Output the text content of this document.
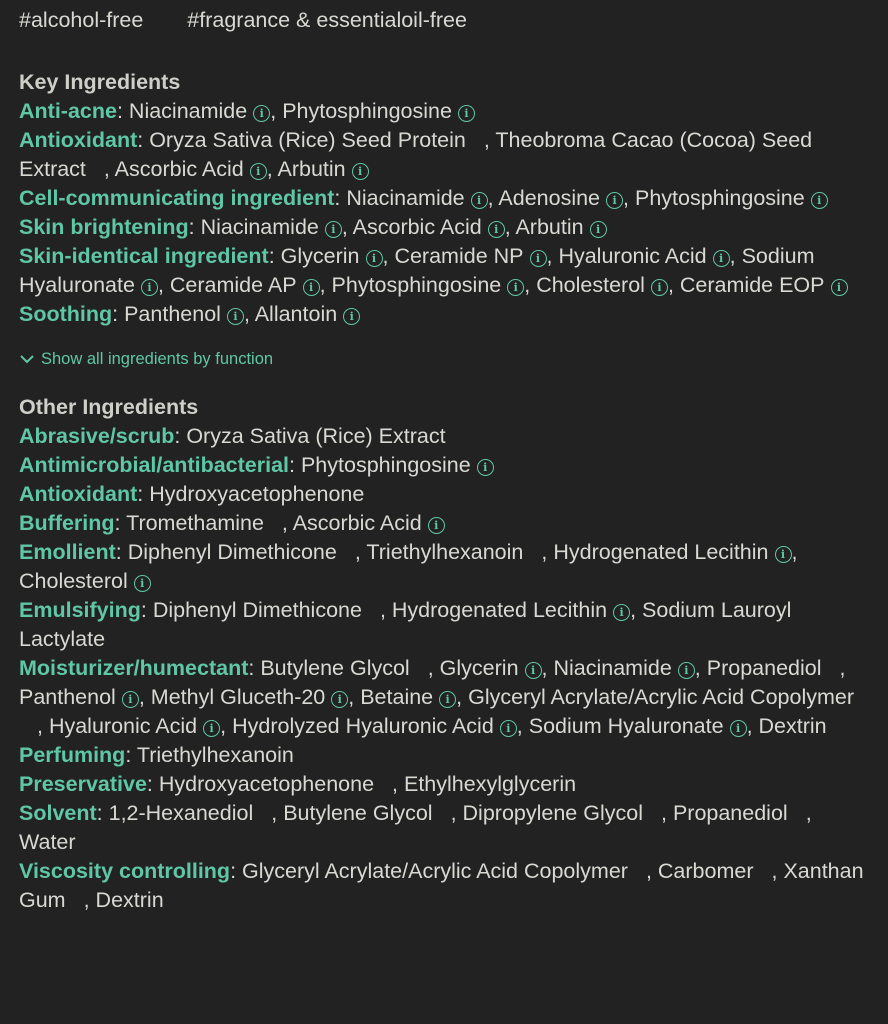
#alcohol-free #fragrance & essentialoil-free
Key Ingredients
Anti-acne: Niacinamide i , Phytosphingosine i
Antioxidant: Oryza Sativa (Rice) Seed Protein , Theobroma Cacao (Cocoa) Seed Extract , Ascorbic Acid i , Arbutin i
Cell-communicating ingredient: Niacinamide i , Adenosine i , Phytosphingosine i
Skin brightening: Niacinamide i , Ascorbic Acid i , Arbutin i
Skin-identical ingredient: Glycerin i , Ceramide NP i , Hyaluronic Acid i , Sodium Hyaluronate i , Ceramide AP i , Phytosphingosine i , Cholesterol i , Ceramide EOP i
Soothing: Panthenol i , Allantoin i
Show all ingredients by function
Other Ingredients
Abrasive/scrub: Oryza Sativa (Rice) Extract
Antimicrobial/antibacterial: Phytosphingosine i
Antioxidant: Hydroxyacetophenone
Buffering: Tromethamine , Ascorbic Acid i
Emollient: Diphenyl Dimethicone , Triethylhexanoin , Hydrogenated Lecithin i , Cholesterol i
Emulsifying: Diphenyl Dimethicone , Hydrogenated Lecithin i , Sodium Lauroyl Lactylate
Moisturizer/humectant: Butylene Glycol , Glycerin i , Niacinamide i , Propanediol , Panthenol i , Methyl Gluceth-20 i , Betaine i , Glyceryl Acrylate/Acrylic Acid Copolymer, Hyaluronic Acid i , Hydrolyzed Hyaluronic Acid i , Sodium Hyaluronate i , Dextrin
Perfuming: Triethylhexanoin
Preservative: Hydroxyacetophenone , Ethylhexylglycerin
Solvent: 1,2-Hexanediol , Butylene Glycol , Dipropylene Glycol , Propanediol , Water
Viscosity controlling: Glyceryl Acrylate/Acrylic Acid Copolymer , Carbomer , Xanthan Gum , Dextrin
